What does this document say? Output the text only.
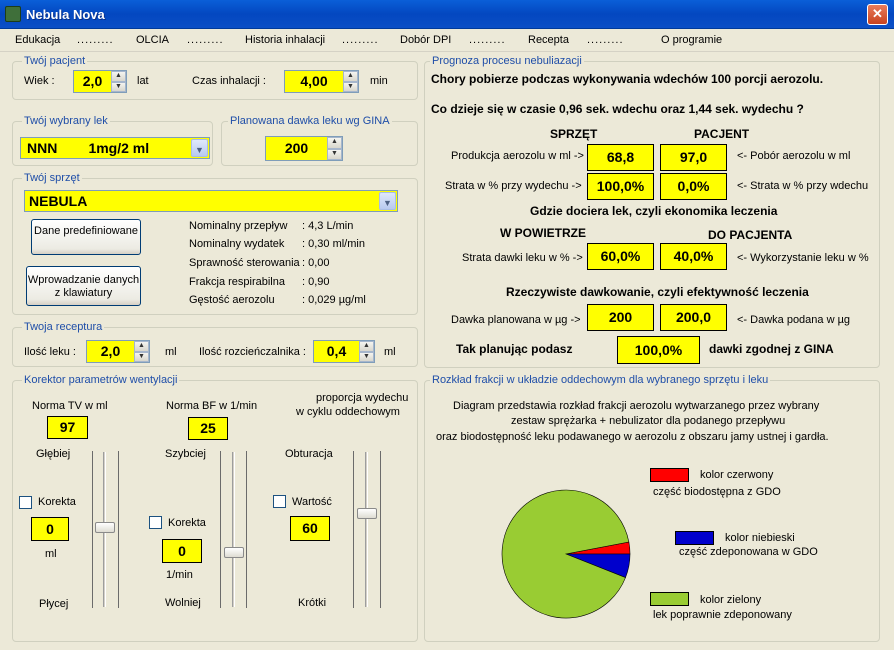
Nebula Nova	✕
Edukacja ......... OLCIA ......... Historia inhalacji ......... Dobór DPI ......... Recepta .........	O programie
Twój pacjent
Wiek :	2,0	▲
▼	lat	Czas inhalacji :	4,00	▲
▼	min
Twój wybrany lek
NNN        1mg/2 ml	▼
Planowana dawka leku wg GINA
200	▲
▼
Twój sprzęt
NEBULA	▼
Dane predefiniowane
Wprowadzanie danych z klawiatury
Nominalny przepływ : 4,3 L/min
Nominalny wydatek : 0,30 ml/min
Sprawność sterowania : 0,00
Frakcja respirabilna : 0,90
Gęstość aerozolu : 0,029 µg/ml
Twoja receptura
Ilość leku :	2,0	▲
▼	ml Ilość rozcieńczalnika :	0,4	▲
▼	ml
Korektor parametrów wentylacji
Norma TV w ml
97
Głębiej
Korekta
0
ml
Płycej
Norma BF w 1/min
25
Szybciej
Korekta
0
1/min
Wolniej
proporcja wydechu
w cyklu oddechowym
Obturacja
Wartość
60
Krótki
Prognoza procesu nebuliazacji
Chory pobierze podczas wykonywania wdechów 100 porcji aerozolu.
Co dzieje się w czasie 0,96 sek. wdechu oraz 1,44 sek. wydechu ?
SPRZĘT	PACJENT
Produkcja aerozolu w ml ->	68,8	97,0	<- Pobór aerozolu w ml
Strata w % przy wydechu ->	100,0%	0,0%	<- Strata w % przy wdechu
Gdzie dociera lek, czyli ekonomika leczenia
W POWIETRZE	DO PACJENTA
Strata dawki leku w % ->	60,0%	40,0%	<- Wykorzystanie leku w %
Rzeczywiste dawkowanie, czyli efektywność leczenia
Dawka planowana w µg ->	200	200,0	<- Dawka podana w µg
Tak planując podasz	100,0%	dawki zgodnej z GINA
Rozkład frakcji w układzie oddechowym dla wybranego sprzętu i leku
Diagram przedstawia rozkład frakcji aerozolu wytwarzanego przez wybrany
zestaw sprężarka + nebulizator dla podanego przepływu
oraz biodostępność leku podawanego w aerozolu z obszaru jamy ustnej i gardła.
kolor czerwony
część biodostępna z GDO
kolor niebieski
część zdeponowana w GDO
kolor zielony
lek poprawnie zdeponowany
